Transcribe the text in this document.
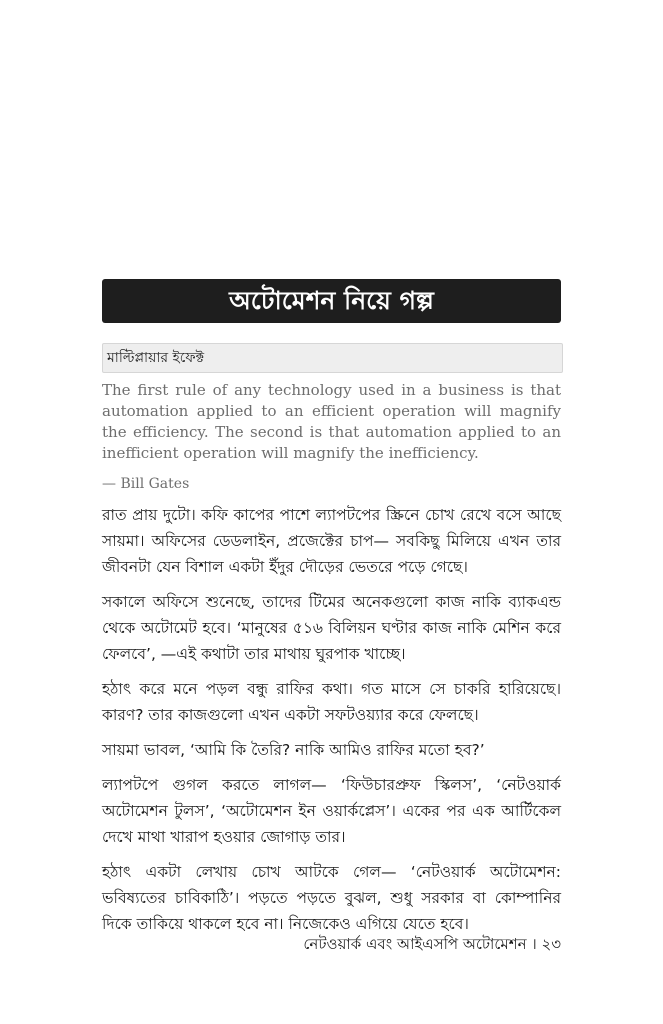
অটোমেশন নিয়ে গল্প
মাল্টিপ্লায়ার ইফেক্ট
The first rule of any technology used in a business is that automation applied to an efficient operation will magnify the efficiency. The second is that automation applied to an inefficient operation will magnify the inefficiency.
— Bill Gates

রাত প্রায় দুটো। কফি কাপের পাশে ল্যাপটপের স্ক্রিনে চোখ রেখে বসে আছে সায়মা। অফিসের ডেডলাইন, প্রজেক্টের চাপ— সবকিছু মিলিয়ে এখন তার জীবনটা যেন বিশাল একটা ইঁদুর দৌড়ের ভেতরে পড়ে গেছে।

সকালে অফিসে শুনেছে, তাদের টিমের অনেকগুলো কাজ নাকি ব্যাকএন্ড থেকে অটোমেট হবে। ‘মানুষের ৫১৬ বিলিয়ন ঘণ্টার কাজ নাকি মেশিন করে ফেলবে’, —এই কথাটা তার মাথায় ঘুরপাক খাচ্ছে।

হঠাৎ করে মনে পড়ল বন্ধু রাফির কথা। গত মাসে সে চাকরি হারিয়েছে। কারণ? তার কাজগুলো এখন একটা সফটওয়্যার করে ফেলছে।

সায়মা ভাবল, ‘আমি কি তৈরি? নাকি আমিও রাফির মতো হব?’

ল্যাপটপে গুগল করতে লাগল— ‘ফিউচারপ্রুফ স্কিলস’, ‘নেটওয়ার্ক অটোমেশন টুলস’, ‘অটোমেশন ইন ওয়ার্কপ্লেস’। একের পর এক আর্টিকেল দেখে মাথা খারাপ হওয়ার জোগাড় তার।

হঠাৎ একটা লেখায় চোখ আটকে গেল— ‘নেটওয়ার্ক অটোমেশন: ভবিষ্যতের চাবিকাঠি’। পড়তে পড়তে বুঝল, শুধু সরকার বা কোম্পানির দিকে তাকিয়ে থাকলে হবে না। নিজেকেও এগিয়ে যেতে হবে।

নেটওয়ার্ক এবং আইএসপি অটোমেশন । ২৩
